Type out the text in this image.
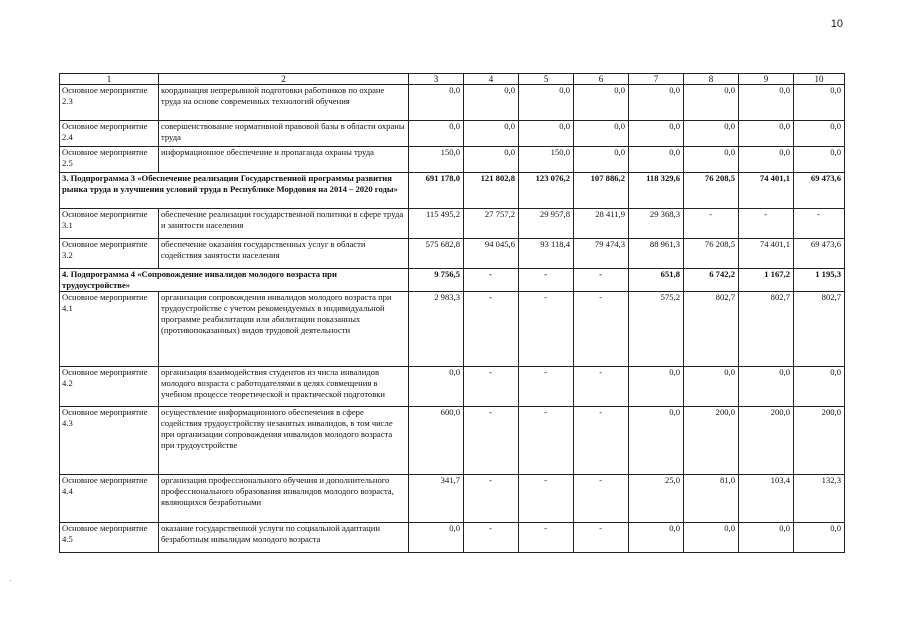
10
1	2	3	4	5	6	7	8	9	10
Основное мероприятие 2.3	координация непрерывной подготовки работников по охране труда на основе современных технологий обучения	0,0	0,0	0,0	0,0	0,0	0,0	0,0	0,0
Основное мероприятие 2.4	совершенствование нормативной правовой базы в области охраны труда	0,0	0,0	0,0	0,0	0,0	0,0	0,0	0,0
Основное мероприятие 2.5	информационное обеспечение и пропаганда охраны труда	150,0	0,0	150,0	0,0	0,0	0,0	0,0	0,0
3. Подпрограмма 3 «Обеспечение реализации Государственной программы развития рынка труда и улучшения условий труда в Республике Мордовия на 2014 – 2020 годы»		691 178,0	121 802,8	123 076,2	107 886,2	118 329,6	76 208,5	74 401,1	69 473,6
Основное мероприятие 3.1	обеспечение реализации государственной политики в сфере труда и занятости населения	115 495,2	27 757,2	29 957,8	28 411,9	29 368,3	-	-	-
Основное мероприятие 3.2	обеспечение оказания государственных услуг в области содействия занятости населения	575 682,8	94 045,6	93 118,4	79 474,3	88 961,3	76 208,5	74 401,1	69 473,6
4. Подпрограмма 4 «Сопровождение инвалидов молодого возраста при трудоустройстве»		9 756,5	-	-	-	651,8	6 742,2	1 167,2	1 195,3
Основное мероприятие 4.1	организация сопровождения инвалидов молодого возраста при трудоустройстве с учетом рекомендуемых в индивидуальной программе реабилитации или абилитации показанных (противопоказанных) видов трудовой деятельности	2 983,3	-	-	-	575,2	802,7	802,7	802,7
Основное мероприятие 4.2	организация взаимодействия студентов из числа инвалидов молодого возраста с работодателями в целях совмещения в учебном процессе теоретической и практической подготовки	0,0	-	-	-	0,0	0,0	0,0	0,0
Основное мероприятие 4.3	осуществление информационного обеспечения в сфере содействия трудоустройству незанятых инвалидов, в том числе при организации сопровождения инвалидов молодого возраста при трудоустройстве	600,0	-	-	-	0,0	200,0	200,0	200,0
Основное мероприятие 4.4	организация профессионального обучения и дополнительного профессионального образования инвалидов молодого возраста, являющихся безработными	341,7	-	-	-	25,0	81,0	103,4	132,3
Основное мероприятие 4.5	оказание государственной услуги по социальной адаптации безработным инвалидам молодого возраста	0,0	-	-	-	0,0	0,0	0,0	0,0
